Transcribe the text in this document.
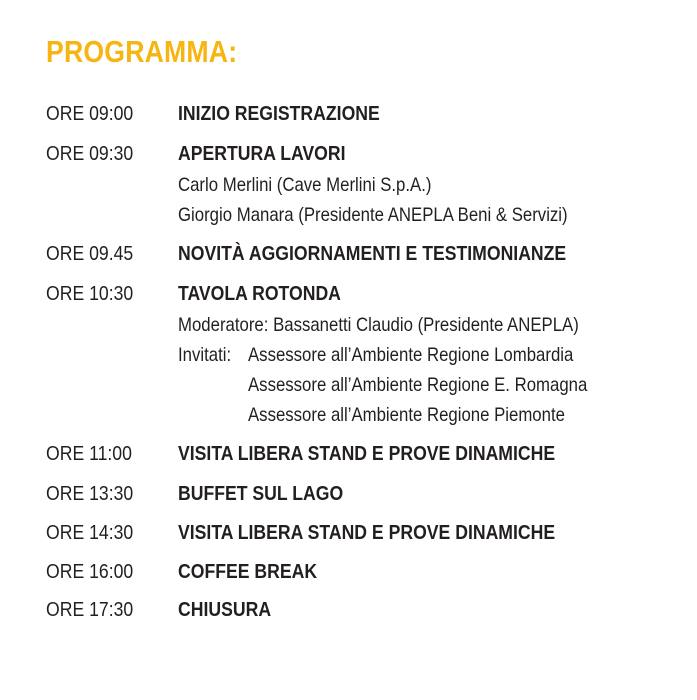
PROGRAMMA:
ORE 09:00 INIZIO REGISTRAZIONE
ORE 09:30 APERTURA LAVORI
Carlo Merlini (Cave Merlini S.p.A.)
Giorgio Manara (Presidente ANEPLA Beni & Servizi)
ORE 09.45 NOVITÀ AGGIORNAMENTI E TESTIMONIANZE
ORE 10:30 TAVOLA ROTONDA
Moderatore: Bassanetti Claudio (Presidente ANEPLA)
Invitati: Assessore all’Ambiente Regione Lombardia
Assessore all’Ambiente Regione E. Romagna
Assessore all’Ambiente Regione Piemonte
ORE 11:00 VISITA LIBERA STAND E PROVE DINAMICHE
ORE 13:30 BUFFET SUL LAGO
ORE 14:30 VISITA LIBERA STAND E PROVE DINAMICHE
ORE 16:00 COFFEE BREAK
ORE 17:30 CHIUSURA
